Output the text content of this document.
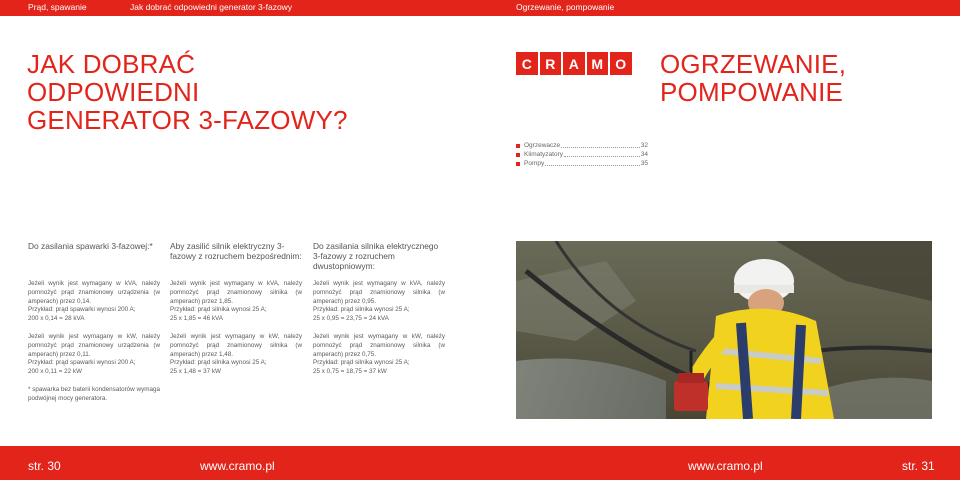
Prąd, spawanie	Jak dobrać odpowiedni generator 3-fazowy	Ogrzewanie, pompowanie
JAK DOBRAĆ ODPOWIEDNI GENERATOR 3-FAZOWY?
C R A M O OGRZEWANIE, POMPOWANIE
Ogrzewacze	32
Klimatyzatory	34
Pompy	35
Do zasilania spawarki 3-fazowej:*

Jeżeli wynik jest wymagany w kVA, należy pomnożyć prąd znamionowy urządzenia (w amperach) przez 0,14.

Przykład: prąd spawarki wynosi 200 A;

200 x 0,14 = 28 kVA

Jeżeli wynik jest wymagany w kW, należy pomnożyć prąd znamionowy urządzenia (w amperach) przez 0,11.

Przykład: prąd spawarki wynosi 200 A;

200 x 0,11 = 22 kW

* spawarka bez baterii kondensatorów wymaga podwójnej mocy generatora.

Aby zasilić silnik elektryczny 3-fazowy z rozruchem bezpośrednim:

Jeżeli wynik jest wymagany w kVA, należy pomnożyć prąd znamionowy silnika (w amperach) przez 1,85.

Przykład: prąd silnika wynosi 25 A;

25 x 1,85 = 46 kVA

Jeżeli wynik jest wymagany w kW, należy pomnożyć prąd znamionowy silnika (w amperach) przez 1,48.

Przykład: prąd silnika wynosi 25 A;

25 x 1,48 = 37 kW

Do zasilania silnika elektrycznego 3-fazowy z rozruchem dwustopniowym:

Jeżeli wynik jest wymagany w kVA, należy pomnożyć prąd znamionowy silnika (w amperach) przez 0,95.

Przykład: prąd silnika wynosi 25 A;

25 x 0,95 = 23,75 = 24 kVA

Jeżeli wynik jest wymagany w kW, należy pomnożyć prąd znamionowy silnika (w amperach) przez 0,75.

Przykład: prąd silnika wynosi 25 A;

25 x 0,75 = 18,75 = 37 kW

str. 30	www.cramo.pl	www.cramo.pl	str. 31
